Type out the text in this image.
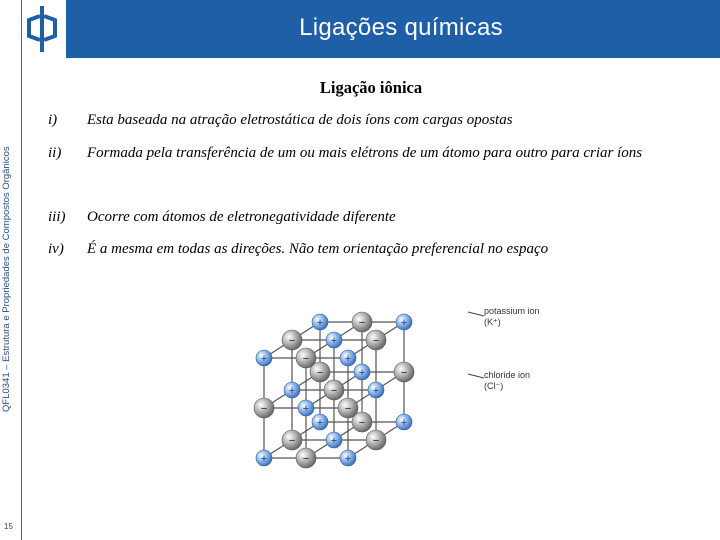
QFL0341 – Estrutura e Propriedades de Compostos Orgânicos
15
Ligações químicas
Ligação iônica
i)	Esta baseada na atração eletrostática de dois íons com cargas opostas
ii)	Formada pela transferência de um ou mais elétrons de um átomo para outro para criar íons
iii)	Ocorre com átomos de eletronegatividade diferente
iv)	É a mesma em todas as direções. Não tem orientação preferencial no espaço
+	−	+
−	+	−
+	−	+
−	+	−
+	−	+
−	+	−
+	−	+
−	+	−
+	−	+
potassium ion
(K⁺)
chloride ion
(Cl⁻)
